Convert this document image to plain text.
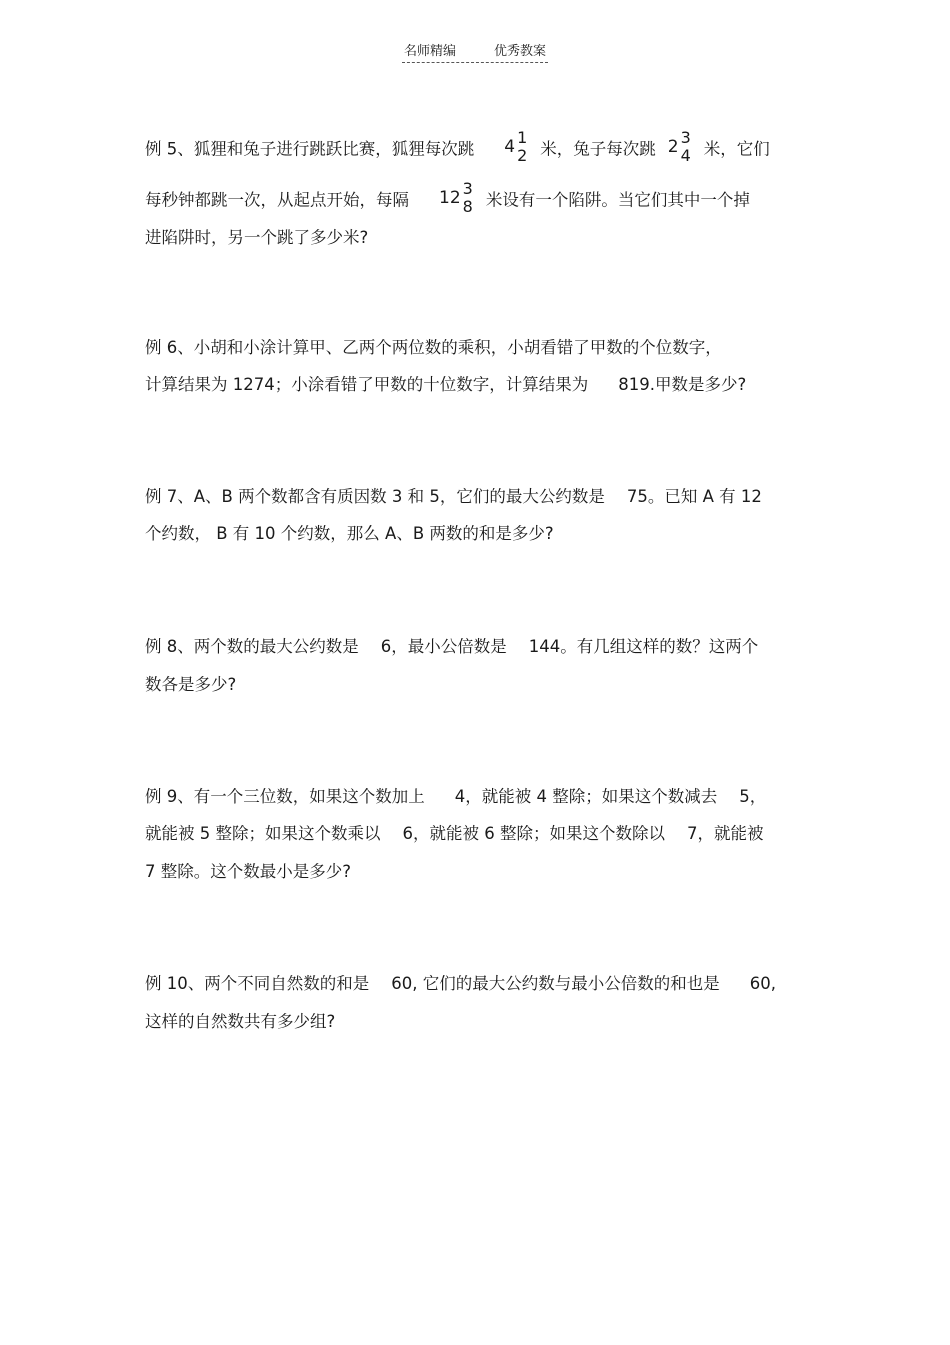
名师精编	优秀教案
例 5、狐狸和兔子进行跳跃比赛，狐狸每次跳 4 1
2 米，兔子每次跳 2 3
4 米，它们
每秒钟都跳一次，从起点开始，每隔 12 3
8 米设有一个陷阱。当它们其中一个掉
进陷阱时，另一个跳了多少米?
例 6、小胡和小涂计算甲、乙两个两位数的乘积，小胡看错了甲数的个位数字，
计算结果为 1274；小涂看错了甲数的十位数字，计算结果为 819.甲数是多少?
例 7、A、B 两个数都含有质因数 3 和 5，它们的最大公约数是 75。已知 A 有 12
个约数， B 有 10 个约数，那么 A、B 两数的和是多少?
例 8、两个数的最大公约数是 6，最小公倍数是 144。有几组这样的数？这两个
数各是多少?
例 9、有一个三位数，如果这个数加上 4，就能被 4 整除；如果这个数减去 5，
就能被 5 整除；如果这个数乘以 6，就能被 6 整除；如果这个数除以 7，就能被
7 整除。这个数最小是多少?
例 10、两个不同自然数的和是 60, 它们的最大公约数与最小公倍数的和也是 60,
这样的自然数共有多少组?
